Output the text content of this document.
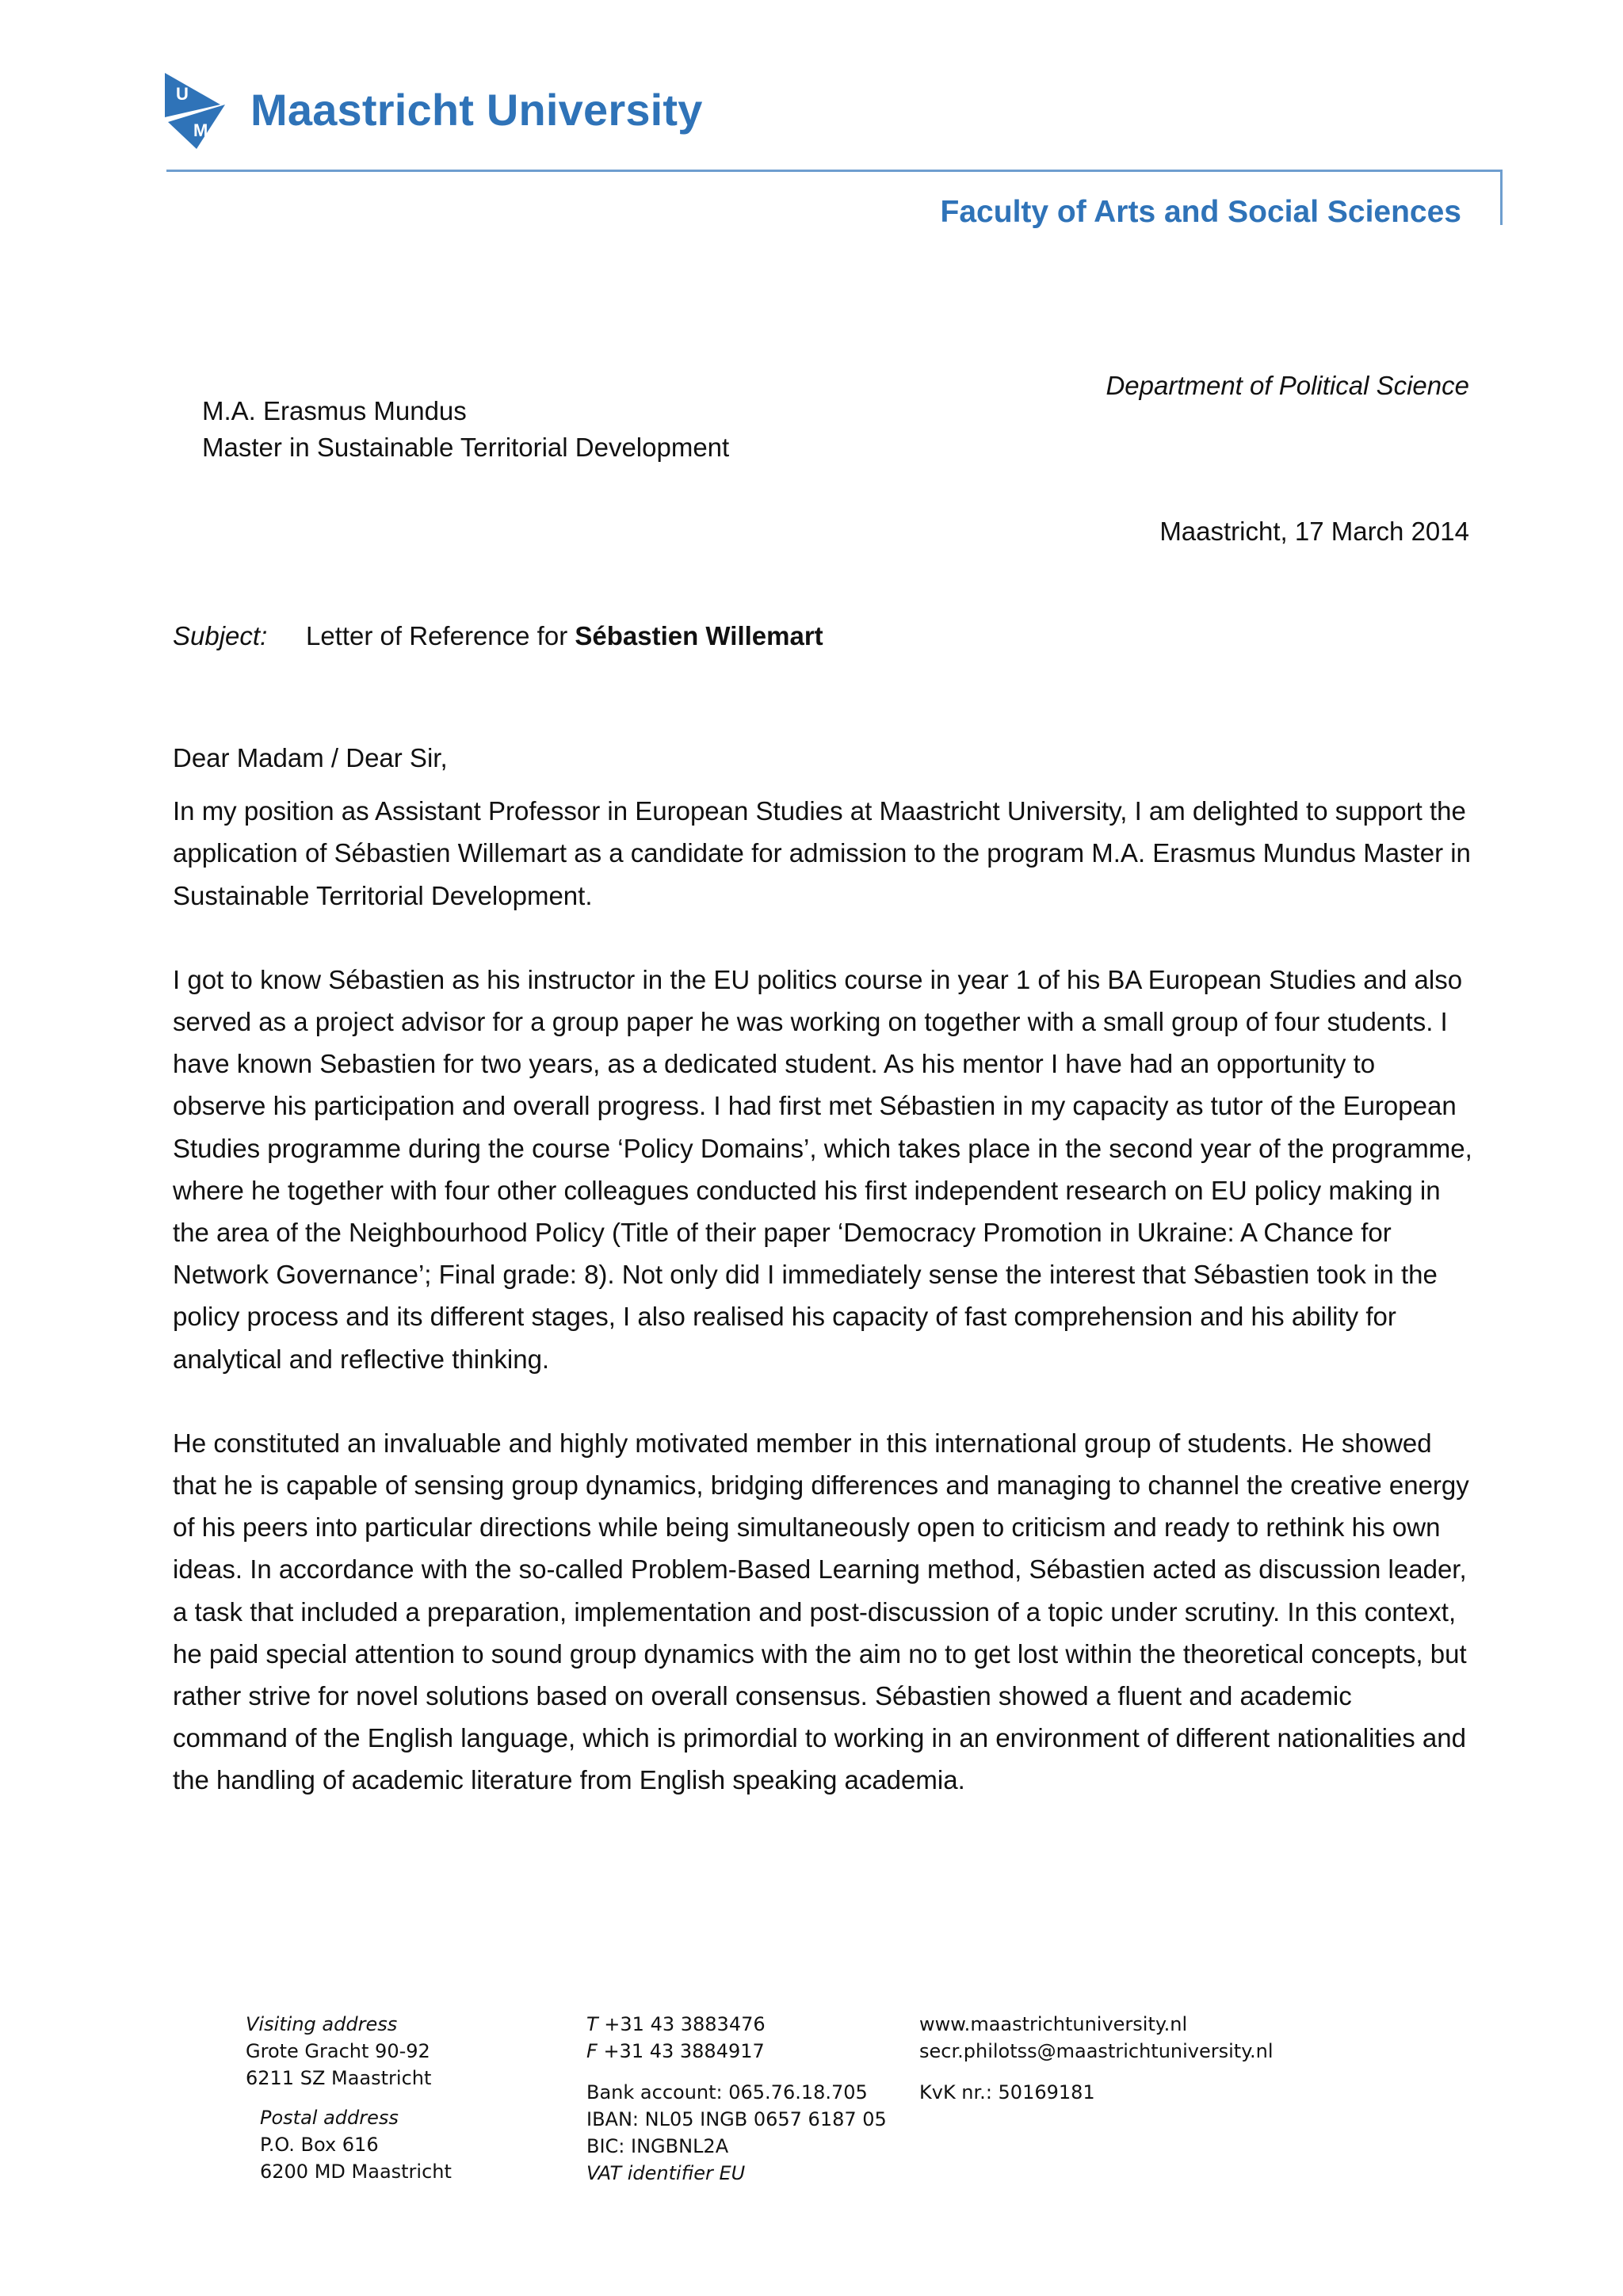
U
M Maastricht University
Faculty of Arts and Social Sciences
Department of Political Science
M.A. Erasmus Mundus
Master in Sustainable Territorial Development
Maastricht, 17 March 2014
Subject: Letter of Reference for Sébastien Willemart
Dear Madam / Dear Sir,

In my position as Assistant Professor in European Studies at Maastricht University, I am delighted to support the application of Sébastien Willemart as a candidate for admission to the program M.A. Erasmus Mundus Master in Sustainable Territorial Development.

I got to know Sébastien as his instructor in the EU politics course in year 1 of his BA European Studies and also served as a project advisor for a group paper he was working on together with a small group of four students. I have known Sebastien for two years, as a dedicated student. As his mentor I have had an opportunity to observe his participation and overall progress. I had first met Sébastien in my capacity as tutor of the European Studies programme during the course ‘Policy Domains’, which takes place in the second year of the programme, where he together with four other colleagues conducted his first independent research on EU policy making in the area of the Neighbourhood Policy (Title of their paper ‘Democracy Promotion in Ukraine: A Chance for Network Governance’; Final grade: 8). Not only did I immediately sense the interest that Sébastien took in the policy process and its different stages, I also realised his capacity of fast comprehension and his ability for analytical and reflective thinking.

He constituted an invaluable and highly motivated member in this international group of students. He showed that he is capable of sensing group dynamics, bridging differences and managing to channel the creative energy of his peers into particular directions while being simultaneously open to criticism and ready to rethink his own ideas. In accordance with the so-called Problem-Based Learning method, Sébastien acted as discussion leader, a task that included a preparation, implementation and post-discussion of a topic under scrutiny. In this context, he paid special attention to sound group dynamics with the aim no to get lost within the theoretical concepts, but rather strive for novel solutions based on overall consensus. Sébastien showed a fluent and academic command of the English language, which is primordial to working in an environment of different nationalities and the handling of academic literature from English speaking academia.

Visiting address
Grote Gracht 90-92
6211 SZ Maastricht
Postal address
P.O. Box 616
6200 MD Maastricht
T +31 43 3883476
F +31 43 3884917
Bank account: 065.76.18.705
IBAN: NL05 INGB 0657 6187 05
BIC: INGBNL2A
VAT identifier EU
www.maastrichtuniversity.nl
secr.philotss@maastrichtuniversity.nl
KvK nr.: 50169181
